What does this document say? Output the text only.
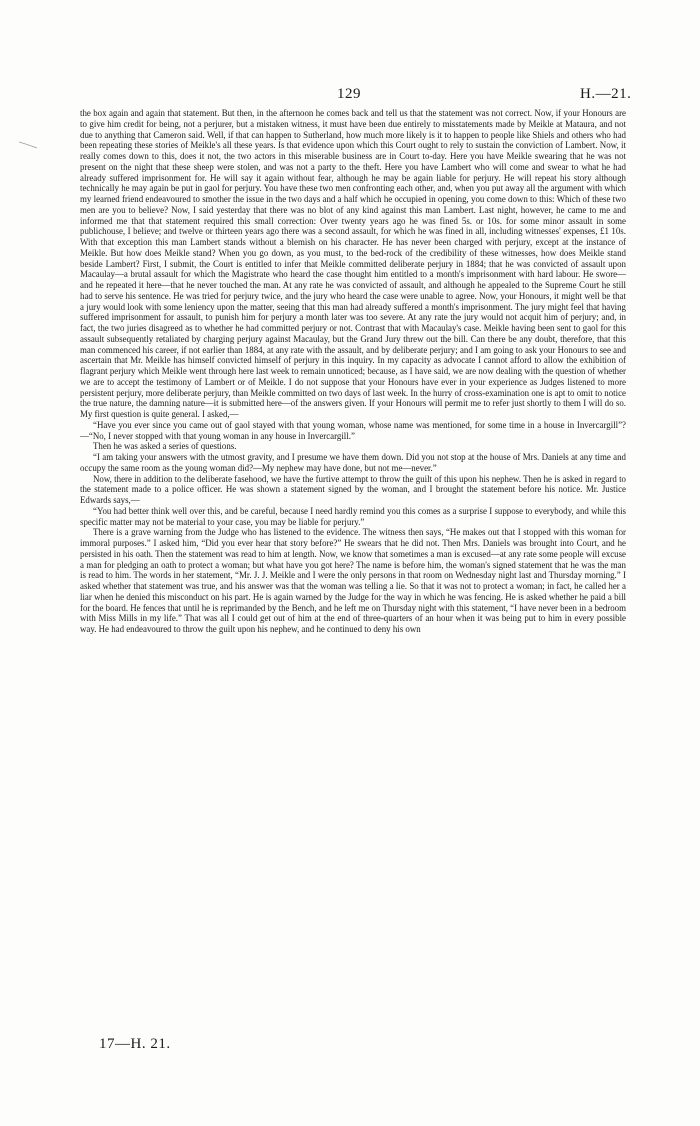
129	H.—21.

the box again and again that statement. But then, in the afternoon he comes back and tell us that the statement was not correct. Now, if your Honours are to give him credit for being, not a perjurer, but a mistaken witness, it must have been due entirely to misstatements made by Meikle at Mataura, and not due to anything that Cameron said. Well, if that can happen to Sutherland, how much more likely is it to happen to people like Shiels and others who had been repeating these stories of Meikle's all these years. Is that evidence upon which this Court ought to rely to sustain the conviction of Lambert. Now, it really comes down to this, does it not, the two actors in this miserable business are in Court to-day. Here you have Meikle swearing that he was not present on the night that these sheep were stolen, and was not a party to the theft. Here you have Lambert who will come and swear to what he had already suffered imprisonment for. He will say it again without fear, although he may be again liable for perjury. He will repeat his story although technically he may again be put in gaol for perjury. You have these two men confronting each other, and, when you put away all the argument with which my learned friend endeavoured to smother the issue in the two days and a half which he occupied in opening, you come down to this: Which of these two men are you to believe? Now, I said yesterday that there was no blot of any kind against this man Lambert. Last night, however, he came to me and informed me that that statement required this small correction: Over twenty years ago he was fined 5s. or 10s. for some minor assault in some publichouse, I believe; and twelve or thirteen years ago there was a second assault, for which he was fined in all, including witnesses' expenses, £1 10s. With that exception this man Lambert stands without a blemish on his character. He has never been charged with perjury, except at the instance of Meikle. But how does Meikle stand? When you go down, as you must, to the bed-rock of the credibility of these witnesses, how does Meikle stand beside Lambert? First, I submit, the Court is entitled to infer that Meikle committed deliberate perjury in 1884; that he was convicted of assault upon Macaulay—a brutal assault for which the Magistrate who heard the case thought him entitled to a month's imprisonment with hard labour. He swore—and he repeated it here—that he never touched the man. At any rate he was convicted of assault, and although he appealed to the Supreme Court he still had to serve his sentence. He was tried for perjury twice, and the jury who heard the case were unable to agree. Now, your Honours, it might well be that a jury would look with some leniency upon the matter, seeing that this man had already suffered a month's imprisonment. The jury might feel that having suffered imprisonment for assault, to punish him for perjury a month later was too severe. At any rate the jury would not acquit him of perjury; and, in fact, the two juries disagreed as to whether he had committed perjury or not. Contrast that with Macaulay's case. Meikle having been sent to gaol for this assault subsequently retaliated by charging perjury against Macaulay, but the Grand Jury threw out the bill. Can there be any doubt, therefore, that this man commenced his career, if not earlier than 1884, at any rate with the assault, and by deliberate perjury; and I am going to ask your Honours to see and ascertain that Mr. Meikle has himself convicted himself of perjury in this inquiry. In my capacity as advocate I cannot afford to allow the exhibition of flagrant perjury which Meikle went through here last week to remain unnoticed; because, as I have said, we are now dealing with the question of whether we are to accept the testimony of Lambert or of Meikle. I do not suppose that your Honours have ever in your experience as Judges listened to more persistent perjury, more deliberate perjury, than Meikle committed on two days of last week. In the hurry of cross-examination one is apt to omit to notice the true nature, the damning nature—it is submitted here—of the answers given. If your Honours will permit me to refer just shortly to them I will do so. My first question is quite general. I asked,—

“Have you ever since you came out of gaol stayed with that young woman, whose name was mentioned, for some time in a house in Invercargill”?—“No, I never stopped with that young woman in any house in Invercargill.”

Then he was asked a series of questions.

“I am taking your answers with the utmost gravity, and I presume we have them down. Did you not stop at the house of Mrs. Daniels at any time and occupy the same room as the young woman did?—My nephew may have done, but not me—never.”

Now, there in addition to the deliberate fasehood, we have the furtive attempt to throw the guilt of this upon his nephew. Then he is asked in regard to the statement made to a police officer. He was shown a statement signed by the woman, and I brought the statement before his notice. Mr. Justice Edwards says,—

“You had better think well over this, and be careful, because I need hardly remind you this comes as a surprise I suppose to everybody, and while this specific matter may not be material to your case, you may be liable for perjury.”

There is a grave warning from the Judge who has listened to the evidence. The witness then says, “He makes out that I stopped with this woman for immoral purposes.” I asked him, “Did you ever hear that story before?” He swears that he did not. Then Mrs. Daniels was brought into Court, and he persisted in his oath. Then the statement was read to him at length. Now, we know that sometimes a man is excused—at any rate some people will excuse a man for pledging an oath to protect a woman; but what have you got here? The name is before him, the woman's signed statement that he was the man is read to him. The words in her statement, “Mr. J. J. Meikle and I were the only persons in that room on Wednesday night last and Thursday morning.” I asked whether that statement was true, and his answer was that the woman was telling a lie. So that it was not to protect a woman; in fact, he called her a liar when he denied this misconduct on his part. He is again warned by the Judge for the way in which he was fencing. He is asked whether he paid a bill for the board. He fences that until he is reprimanded by the Bench, and he left me on Thursday night with this statement, “I have never been in a bedroom with Miss Mills in my life.” That was all I could get out of him at the end of three-quarters of an hour when it was being put to him in every possible way. He had endeavoured to throw the guilt upon his nephew, and he continued to deny his own

17—H. 21.
